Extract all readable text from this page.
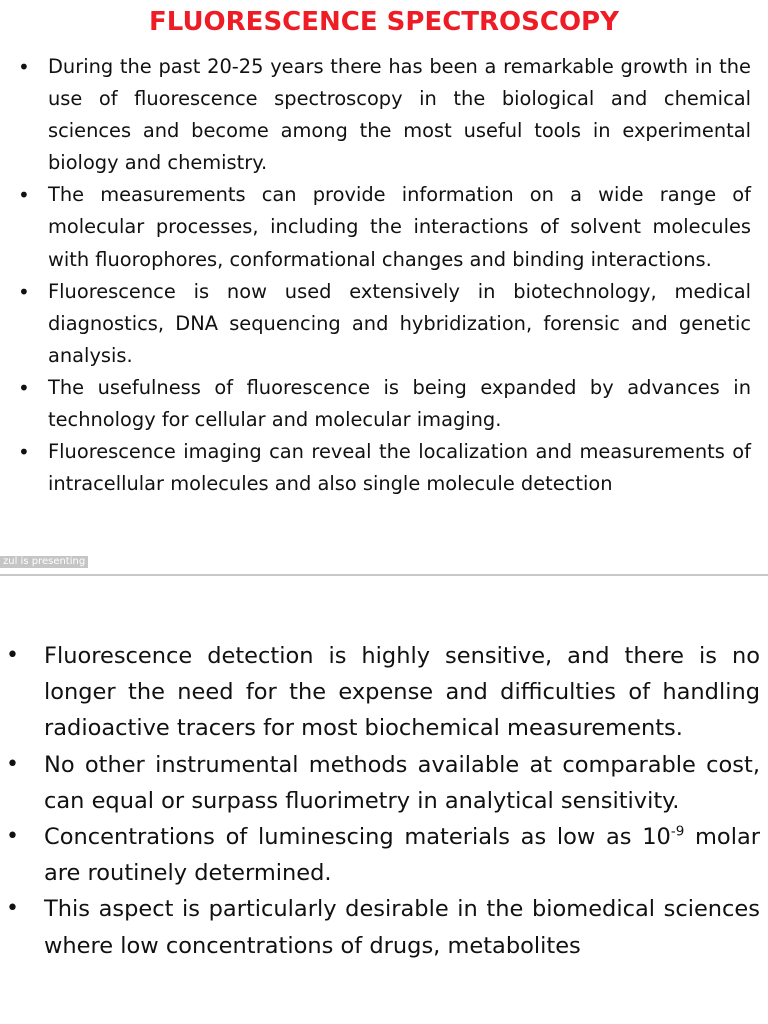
FLUORESCENCE SPECTROSCOPY
• During the past 20-25 years there has been a remarkable growth in the use of fluorescence spectroscopy in the biological and chemical sciences and become among the most useful tools in experimental biology and chemistry.
• The measurements can provide information on a wide range of molecular processes, including the interactions of solvent molecules with fluorophores, conformational changes and binding interactions.
• Fluorescence is now used extensively in biotechnology, medical diagnostics, DNA sequencing and hybridization, forensic and genetic analysis.
• The usefulness of fluorescence is being expanded by advances in technology for cellular and molecular imaging.
• Fluorescence imaging can reveal the localization and measurements of intracellular molecules and also single molecule detection
zul is presenting
• Fluorescence detection is highly sensitive, and there is no longer the need for the expense and difficulties of handling radioactive tracers for most biochemical measurements.
• No other instrumental methods available at comparable cost, can equal or surpass fluorimetry in analytical sensitivity.
• Concentrations of luminescing materials as low as $10^{-9}$ molar are routinely determined.
• This aspect is particularly desirable in the biomedical sciences where low concentrations of drugs, metabolites
